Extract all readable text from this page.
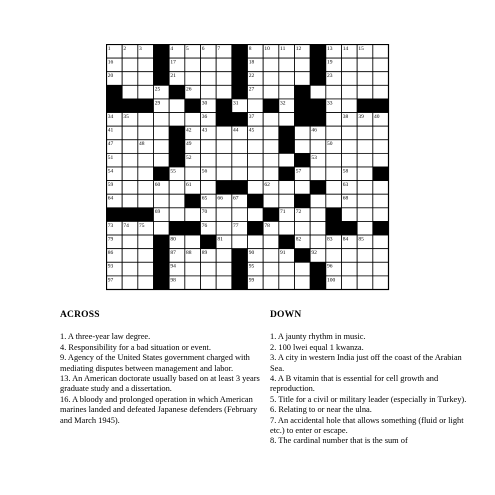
1 2 3	4 5 6 7	8 10 11 12	13 14 15
16	17	18	19
20	21	22	23
24	25	26	27	28
29	30	31	32	33
34 35	36	37	38 39 40
41	42 43	44 45	46
47	48	49	50
51	52	53
54	55	56	57	58
59	60	61	62	63
64	65 66 67	68
69	70	71 72
73 74 75	76	77	78
79	80	81	82	83 84 85
86	87 88 89	90	91	92
93	94	95	96
97	98	99	100
ACROSS
1. A three-year law degree.
4. Responsibility for a bad situation or event.
9. Agency of the United States government charged with mediating disputes between management and labor.
13. An American doctorate usually based on at least 3 years graduate study and a dissertation.
16. A bloody and prolonged operation in which American marines landed and defeated Japanese defenders (February and March 1945).
DOWN
1. A jaunty rhythm in music.
2. 100 lwei equal 1 kwanza.
3. A city in western India just off the coast of the Arabian Sea.
4. A B vitamin that is essential for cell growth and reproduction.
5. Title for a civil or military leader (especially in Turkey).
6. Relating to or near the ulna.
7. An accidental hole that allows something (fluid or light etc.) to enter or escape.
8. The cardinal number that is the sum of
